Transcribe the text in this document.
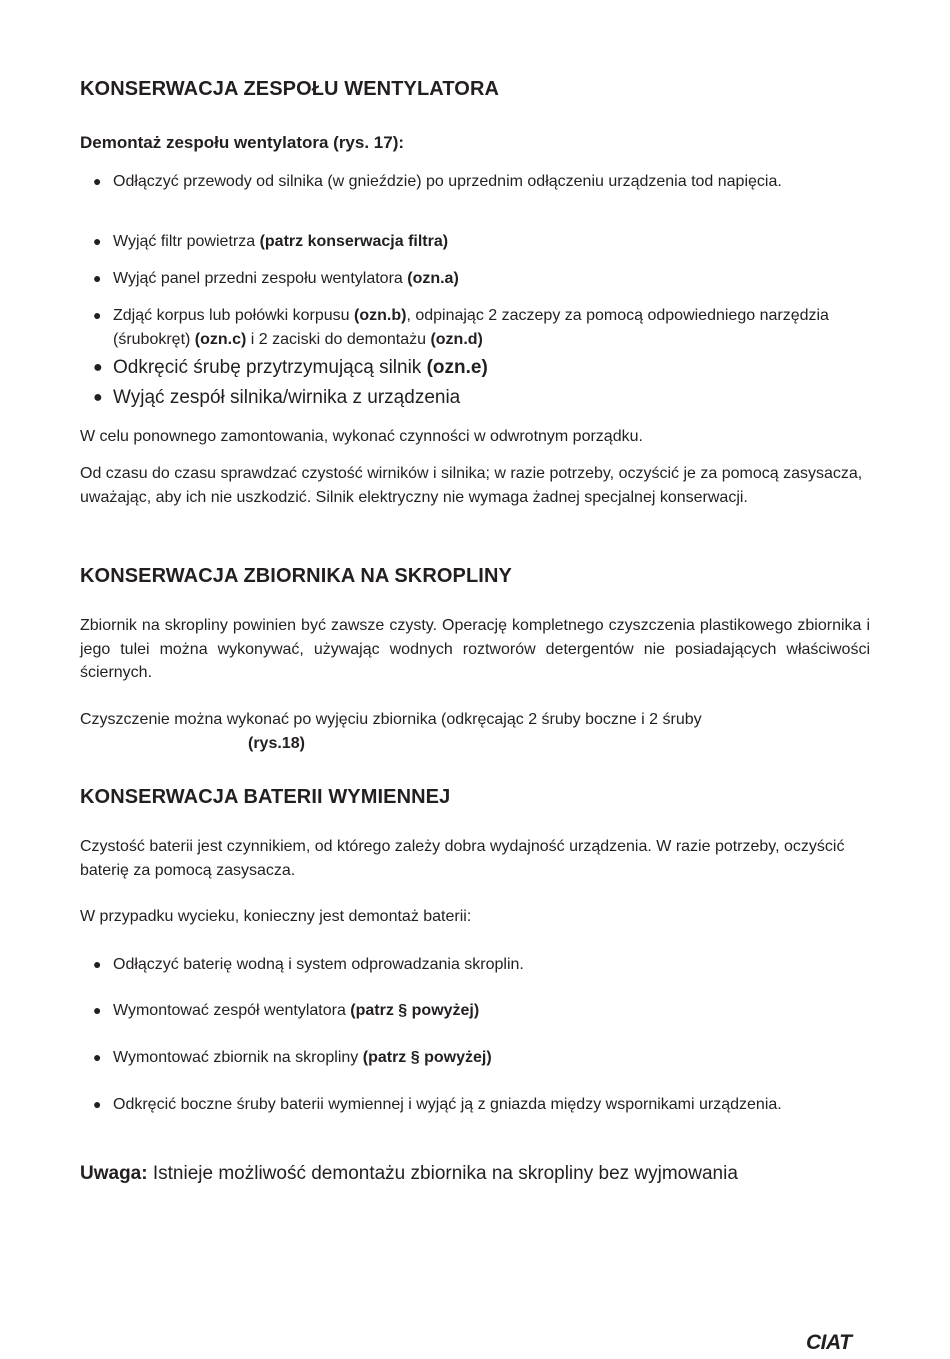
KONSERWACJA ZESPOŁU WENTYLATORA
Demontaż zespołu wentylatora (rys. 17):
● Odłączyć przewody od silnika (w gnieździe) po uprzednim odłączeniu urządzenia tod napięcia.
● Wyjąć filtr powietrza (patrz konserwacja filtra)
● Wyjąć panel przedni zespołu wentylatora (ozn.a)
● Zdjąć korpus lub połówki korpusu (ozn.b), odpinając 2 zaczepy za pomocą odpowiedniego narzędzia (śrubokręt) (ozn.c) i 2 zaciski do demontażu (ozn.d)
● Odkręcić śrubę przytrzymującą silnik (ozn.e)
● Wyjąć zespół silnika/wirnika z urządzenia

W celu ponownego zamontowania, wykonać czynności w odwrotnym porządku.

Od czasu do czasu sprawdzać czystość wirników i silnika; w razie potrzeby, oczyścić je za pomocą zasysacza, uważając, aby ich nie uszkodzić. Silnik elektryczny nie wymaga żadnej specjalnej konserwacji.

KONSERWACJA ZBIORNIKA NA SKROPLINY

Zbiornik na skropliny powinien być zawsze czysty. Operację kompletnego czyszczenia plastikowego zbiornika i jego tulei można wykonywać, używając wodnych roztworów detergentów nie posiadających właściwości ściernych.

Czyszczenie można wykonać po wyjęciu zbiornika (odkręcając 2 śruby boczne i 2 śruby

(rys.18)

KONSERWACJA BATERII WYMIENNEJ

Czystość baterii jest czynnikiem, od którego zależy dobra wydajność urządzenia. W razie potrzeby, oczyścić baterię za pomocą zasysacza.

W przypadku wycieku, konieczny jest demontaż baterii:

● Odłączyć baterię wodną i system odprowadzania skroplin.
● Wymontować zespół wentylatora (patrz § powyżej)
● Wymontować zbiornik na skropliny (patrz § powyżej)
● Odkręcić boczne śruby baterii wymiennej i wyjąć ją z gniazda między wspornikami urządzenia.
Uwaga: Istnieje możliwość demontażu zbiornika na skropliny bez wyjmowania
CIAT
